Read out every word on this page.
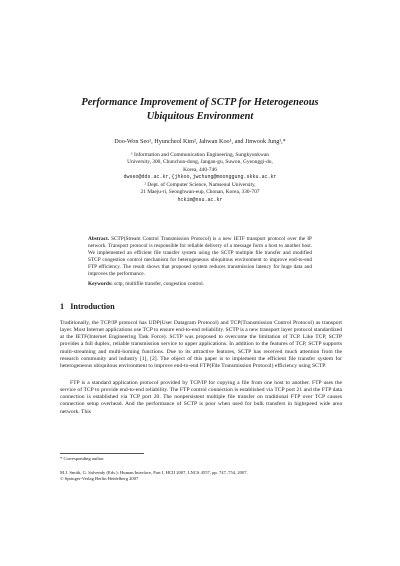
Performance Improvement of SCTP for Heterogeneous Ubiquitous Environment
Doo-Won Seo¹, Hyuncheol Kim², Jahwan Koo¹, and Jinwook Jung¹,*
¹ Information and Communication Engineering, Sungkyunkwan
University, 300, Chunchun-dong, Jangan-gu, Suwon, Gyeonggi-do,
Korea, 440-746
dwseo@dds.ac.kr,{jhkoo,jwchung@moonggung.skku.ac.kr
² Dept. of Computer Science, Namseoul University,
21 Maeju-ri, Seonghwan-eup, Chonan, Korea, 330-707
hckim@nsu.ac.kr
Abstract. SCTP(Stream Control Transmission Protocol) is a new IETF transport protocol over the IP network. Transport protocol is responsible for reliable delivery of a message form a host to another host. We implemented an efficient file transfer system using the SCTP multiple file transfer and modified STCP congestion control mechanism for heterogeneous ubiquitous environment to improve end-to-end FTP efficiency. The result shows that proposed system reduces transmission latency for huge data and improves the performance.
Keywords: sctp, multifile transfer, congestion control.
1 Introduction
Traditionally, the TCP/IP protocol has UDP(User Datagram Protocol) and TCP(Transmission Control Protocol) as transport layer. Most Internet applications use TCP to ensure end-to-end reliability. SCTP is a new transport layer protocol standardized at the IETF(Internet Engineering Task Force). SCTP was proposed to overcome the limitation of TCP. Like TCP, SCTP provides a full duplex, reliable transmission service to upper applications. In addition to the features of TCP, SCTP supports multi-streaming and multi-homing functions. Due to its attractive features, SCTP has received much attention from the research community and industry [1], [2]. The object of this paper is to implement the efficient file transfer system for heterogeneous ubiquitous environment to improve end-to-end FTP(File Transmission Protocol) efficiency using SCTP.
FTP is a standard application protocol provided by TCP/IP for copying a file from one host to another. FTP uses the service of TCP to provide end-to-end reliability. The FTP control connection is established via TCP port 21 and the FTP data connection is established via TCP port 20. The nonpersistent multiple file transfer on traditional FTP over TCP causes connection setup overhead. And the performance of SCTP is poor when used for bulk transfers in highspeed wide area network. This
* Corresponding author.
M.J. Smith, G. Salvendy (Eds.): Human Interface, Part I, HCII 2007, LNCS 4557, pp. 747–754, 2007.
© Springer-Verlag Berlin Heidelberg 2007
